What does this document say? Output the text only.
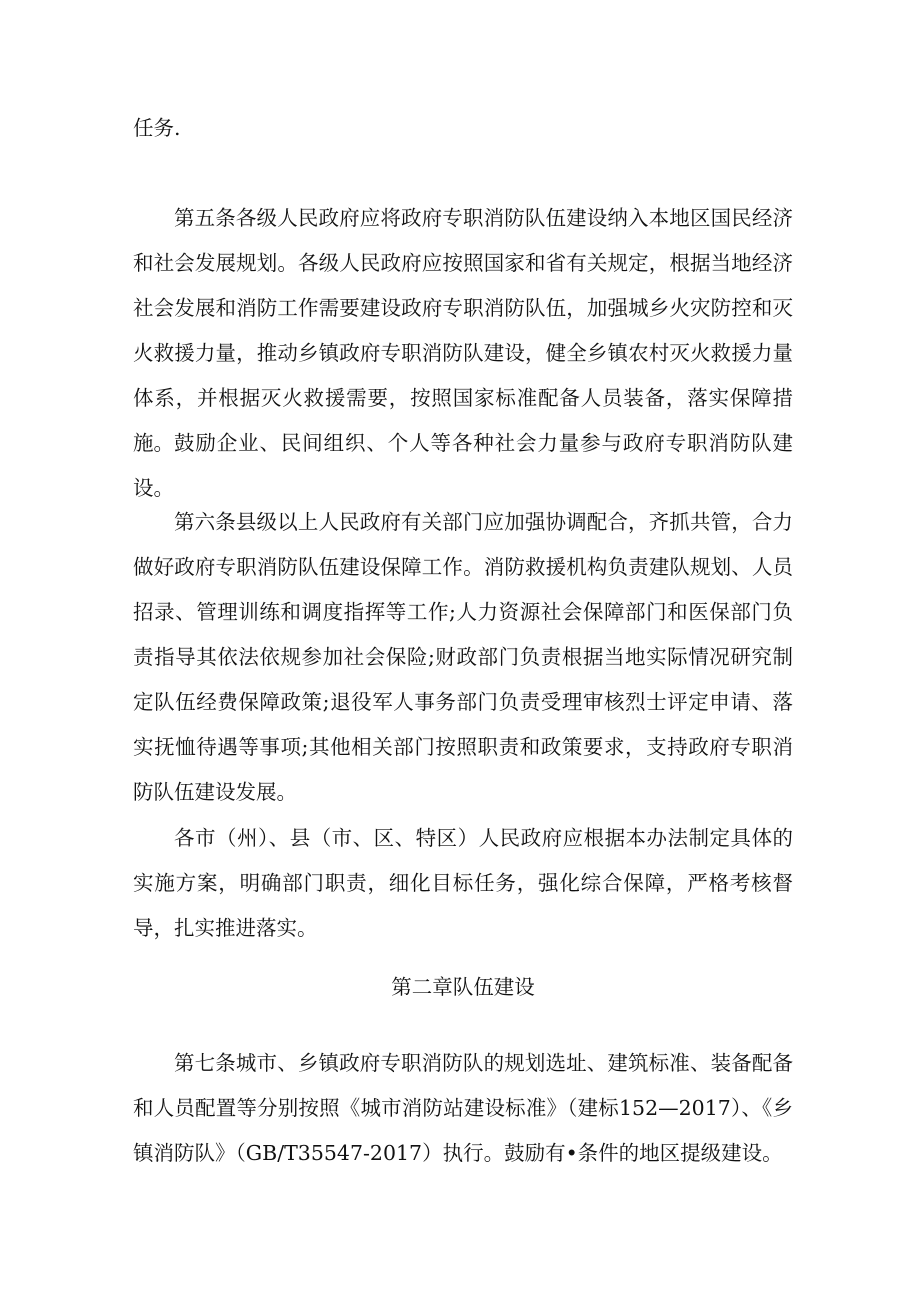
任务.

第五条各级人民政府应将政府专职消防队伍建设纳入本地区国民经济和社会发展规划。各级人民政府应按照国家和省有关规定，根据当地经济社会发展和消防工作需要建设政府专职消防队伍，加强城乡火灾防控和灭火救援力量，推动乡镇政府专职消防队建设，健全乡镇农村灭火救援力量体系，并根据灭火救援需要，按照国家标准配备人员装备，落实保障措施。 鼓励企业、民间组织、个人等各种社会力量参与政府专职消防队建设。

第六条县级以上人民政府有关部门应加强协调配合，齐抓共管，合力做好政府专职消防队伍建设保障工作。消防救援机构负责建队规划、人员招录、管理训练和调度指挥等工作;人力资源社会保障部门和医保部门负责指导其依法依规参加社会保险;财政部门负责根据当地实际情况研究制定队伍经费保障政策;退役军人事务部门负责受理审核烈士评定申请、落实抚恤待遇等事项;其他相关部门按照职责和政策要求，支持政府专职消防队伍建设发展。

各市（州）、县（市、区、特区）人民政府应根据本办法制定具体的实施方案，明确部门职责，细化目标任务，强化综合保障，严格考核督导，扎实推进落实。

第二章队伍建设

第七条城市、乡镇政府专职消防队的规划选址、建筑标准、装备配备和人员配置等分别按照《城市消防站建设标准》（建标152—2017）、《乡镇消防队》（GB/T35547-2017）执行。鼓励有•条件的地区提级建设。
